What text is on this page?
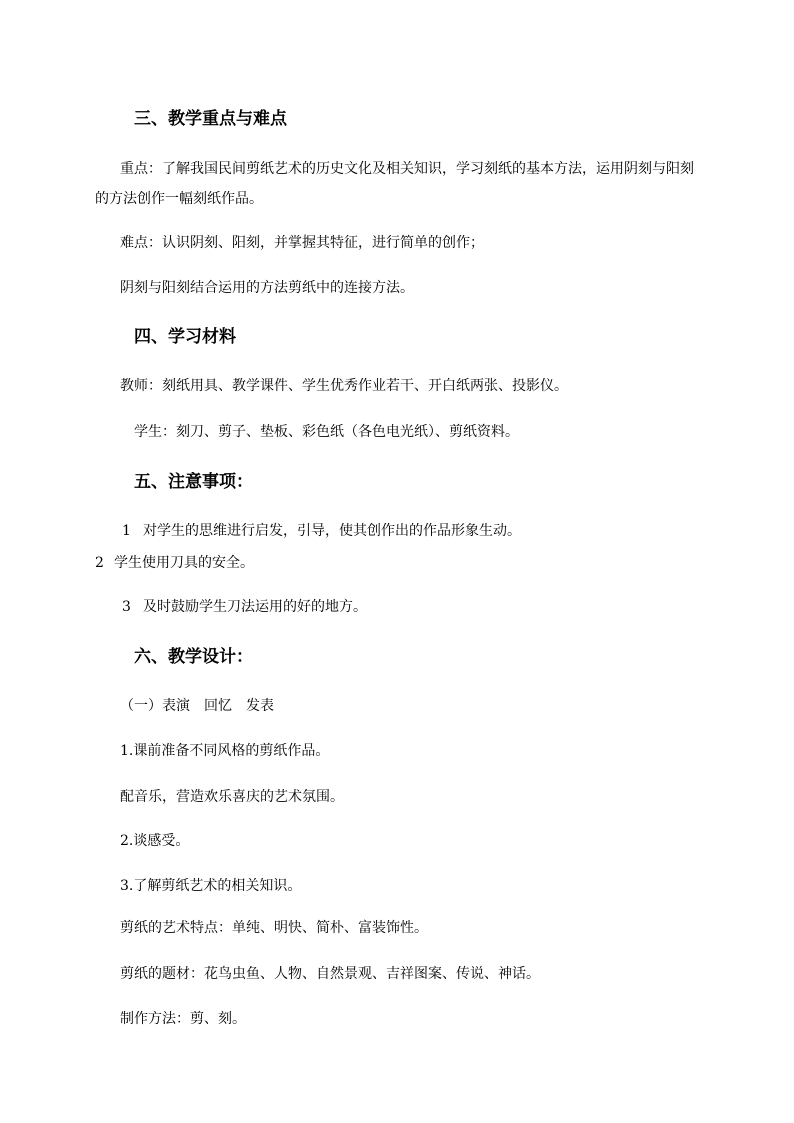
三、教学重点与难点
重点：了解我国民间剪纸艺术的历史文化及相关知识，学习刻纸的基本方法，运用阴刻与阳刻
的方法创作一幅刻纸作品。
难点：认识阴刻、阳刻，并掌握其特征，进行简单的创作；
阴刻与阳刻结合运用的方法剪纸中的连接方法。
四、学习材料
教师：刻纸用具、教学课件、学生优秀作业若干、开白纸两张、投影仪。
学生：刻刀、剪子、垫板、彩色纸（各色电光纸）、剪纸资料。
五、注意事项：
1 对学生的思维进行启发，引导，使其创作出的作品形象生动。
2 学生使用刀具的安全。
3 及时鼓励学生刀法运用的好的地方。
六、教学设计：
（一）表演　回忆　发表
1.课前准备不同风格的剪纸作品。
配音乐，营造欢乐喜庆的艺术氛围。
2.谈感受。
3.了解剪纸艺术的相关知识。
剪纸的艺术特点：单纯、明快、简朴、富装饰性。
剪纸的题材：花鸟虫鱼、人物、自然景观、吉祥图案、传说、神话。
制作方法：剪、刻。
